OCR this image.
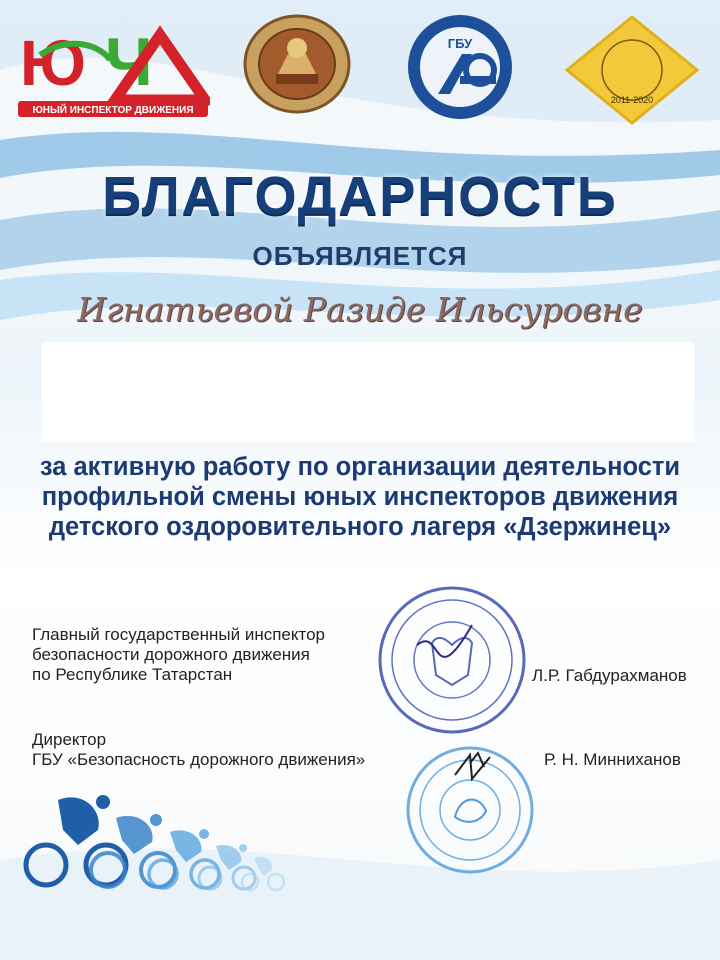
Ю Ч
ЮНЫЙ ИНСПЕКТОР ДВИЖЕНИЯ
ГБУ
2011-2020
БЛАГОДАРНОСТЬ
ОБЪЯВЛЯЕТСЯ
Игнатьевой Разиде Ильсуровне
за активную работу по организации деятельности профильной смены юных инспекторов движения детского оздоровительного лагеря «Дзержинец»
Главный государственный инспектор
безопасности дорожного движения
по Республике Татарстан	Л.Р. Габдурахманов
Директор
ГБУ «Безопасность дорожного движения»	Р. Н. Минниханов
